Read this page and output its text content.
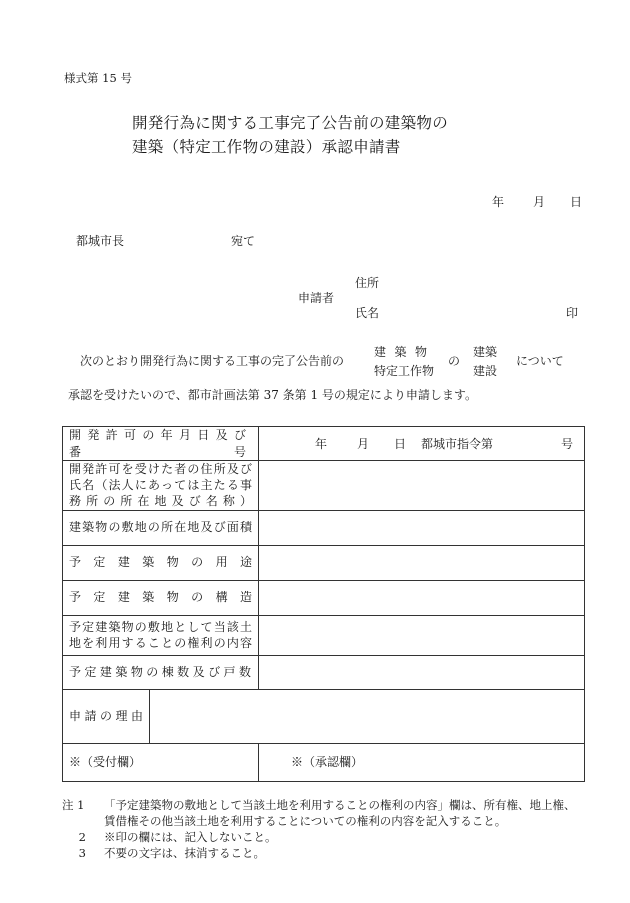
様式第 15 号
開発行為に関する工事完了公告前の建築物の
建築（特定工作物の建設）承認申請書
年 月 日
都城市長	宛て
住所
申請者
氏名	印
次のとおり開発行為に関する工事の完了公告前の
建築物
特定工作物
の
建築
建設
について
承認を受けたいので、都市計画法第 37 条第 1 号の規定により申請します。
開発許可の年月日及び番号		年 月 日 都城市指令第 号

開発許可を受けた者の住所及び
氏名（法人にあっては主たる事
務所の所在地及び名称）		

建築物の敷地の所在地及び面積		
予定建築物の用途		
予定建築物の構造		

予定建築物の敷地として当該土
地を利用することの権利の内容		

予定建築物の棟数及び戸数		
申請の理由		
※（受付欄）		※（承認欄）
注 1	「予定建築物の敷地として当該土地を利用することの権利の内容」欄は、所有権、地上権、
賃借権その他当該土地を利用することについての権利の内容を記入すること。
2 ※印の欄には、記入しないこと。
3 不要の文字は、抹消すること。
